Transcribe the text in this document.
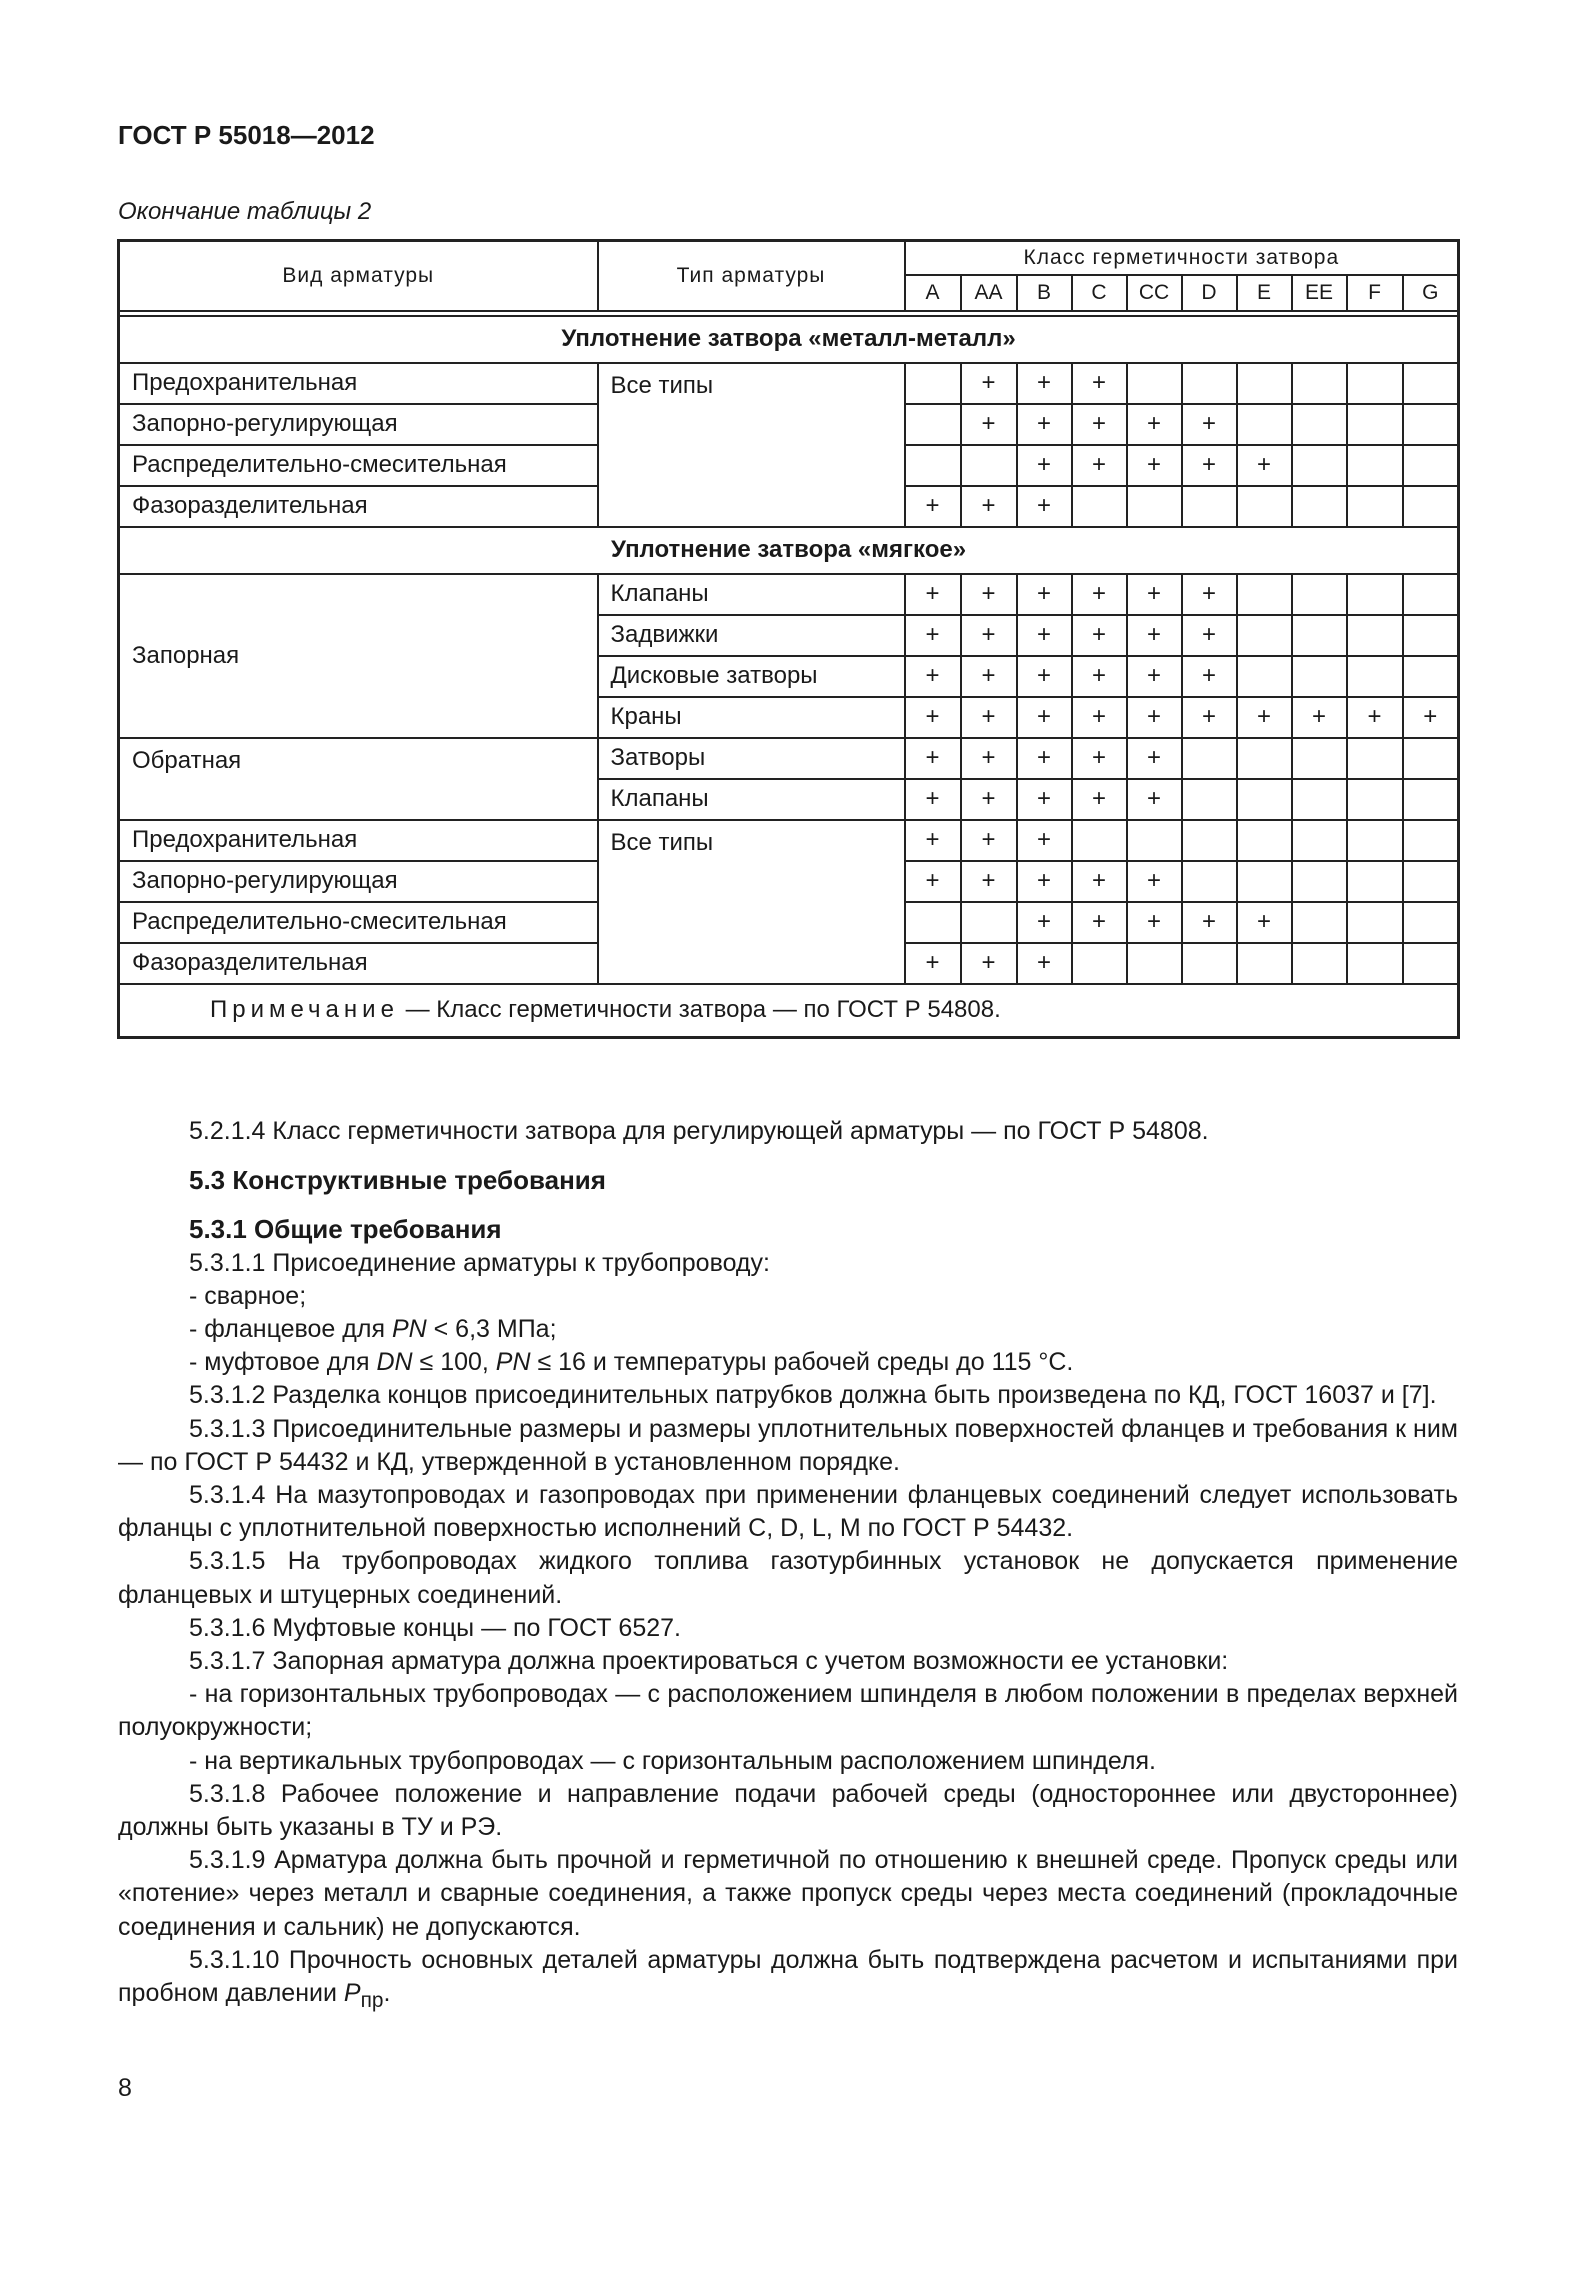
ГОСТ Р 55018—2012
Окончание таблицы 2
Вид арматуры	Тип арматуры	Класс герметичности затвора									
		A	AA	B	C	CC	D	E	EE	F	G

Уплотнение затвора «металл-металл»											
Предохранительная	Все типы		+	+	+						
Запорно-регулирующая			+	+	+	+	+				
Распределительно-смесительная				+	+	+	+	+			
Фазоразделительная		+	+	+							
Уплотнение затвора «мягкое»											
Запорная	Клапаны	+	+	+	+	+	+				
	Задвижки	+	+	+	+	+	+				
	Дисковые затворы	+	+	+	+	+	+				
	Краны	+	+	+	+	+	+	+	+	+	+
Обратная	Затворы	+	+	+	+	+					
	Клапаны	+	+	+	+	+					
Предохранительная	Все типы	+	+	+							
Запорно-регулирующая		+	+	+	+	+					
Распределительно-смесительная				+	+	+	+	+			
Фазоразделительная		+	+	+							
Примечание — Класс герметичности затвора — по ГОСТ Р 54808.											

5.2.1.4 Класс герметичности затвора для регулирующей арматуры — по ГОСТ Р 54808.

5.3 Конструктивные требования

5.3.1 Общие требования

5.3.1.1 Присоединение арматуры к трубопроводу:

- сварное;

- фланцевое для PN < 6,3 МПа;

- муфтовое для DN ≤ 100, PN ≤ 16 и температуры рабочей среды до 115 °С.

5.3.1.2 Разделка концов присоединительных патрубков должна быть произведена по КД, ГОСТ 16037 и [7].

5.3.1.3 Присоединительные размеры и размеры уплотнительных поверхностей фланцев и требования к ним — по ГОСТ Р 54432 и КД, утвержденной в установленном порядке.

5.3.1.4 На мазутопроводах и газопроводах при применении фланцевых соединений следует использовать фланцы с уплотнительной поверхностью исполнений C, D, L, M по ГОСТ Р 54432.

5.3.1.5 На трубопроводах жидкого топлива газотурбинных установок не допускается применение фланцевых и штуцерных соединений.

5.3.1.6 Муфтовые концы — по ГОСТ 6527.

5.3.1.7 Запорная арматура должна проектироваться с учетом возможности ее установки:

- на горизонтальных трубопроводах — с расположением шпинделя в любом положении в пределах верхней полуокружности;

- на вертикальных трубопроводах — с горизонтальным расположением шпинделя.

5.3.1.8 Рабочее положение и направление подачи рабочей среды (одностороннее или двустороннее) должны быть указаны в ТУ и РЭ.

5.3.1.9 Арматура должна быть прочной и герметичной по отношению к внешней среде. Пропуск среды или «потение» через металл и сварные соединения, а также пропуск среды через места соединений (прокладочные соединения и сальник) не допускаются.

5.3.1.10 Прочность основных деталей арматуры должна быть подтверждена расчетом и испытаниями при пробном давлении $P_{пр}$.

8
